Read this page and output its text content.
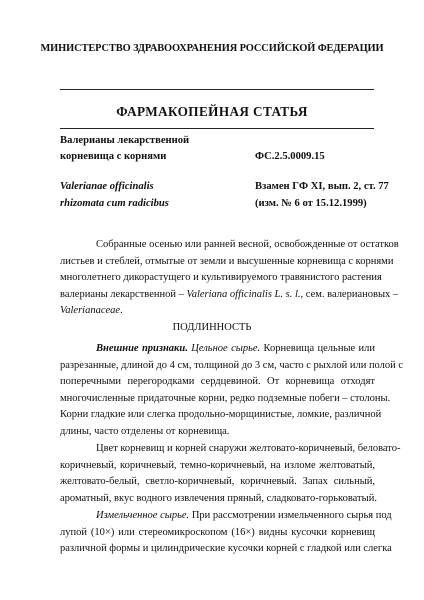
МИНИСТЕРСТВО ЗДРАВООХРАНЕНИЯ РОССИЙСКОЙ ФЕДЕРАЦИИ
ФАРМАКОПЕЙНАЯ СТАТЬЯ
Валерианы лекарственной
корневища с корнями	ФС.2.5.0009.15
Valerianae officinalis
rhizomata cum radicibus
Взамен ГФ XI, вып. 2, ст. 77
(изм. № 6 от 15.12.1999)
Собранные осенью или ранней весной, освобожденные от остатков
листьев и стеблей, отмытые от земли и высушенные корневища с корнями
многолетнего дикорастущего и культивируемого травянистого растения
валерианы лекарственной – Valeriana officinalis L. s. l., сем. валериановых –
Valerianaceae.
ПОДЛИННОСТЬ
Внешние признаки. Цельное сырье. Корневища цельные или
разрезанные, длиной до 4 см, толщиной до 3 см, часто с рыхлой или полой с
поперечными перегородками сердцевиной. От корневища отходят
многочисленные придаточные корни, редко подземные побеги – столоны.
Корни гладкие или слегка продольно-морщинистые, ломкие, различной
длины, часто отделены от корневища.
Цвет корневищ и корней снаружи желтовато-коричневый, беловато-
коричневый, коричневый, темно-коричневый, на изломе желтоватый,
желтовато-белый, светло-коричневый, коричневый. Запах сильный,
ароматный, вкус водного извлечения пряный, сладковато-горьковатый.
Измельченное сырье. При рассмотрении измельченного сырья под
лупой (10×) или стереомикроскопом (16×) видны кусочки корневищ
различной формы и цилиндрические кусочки корней с гладкой или слегка
